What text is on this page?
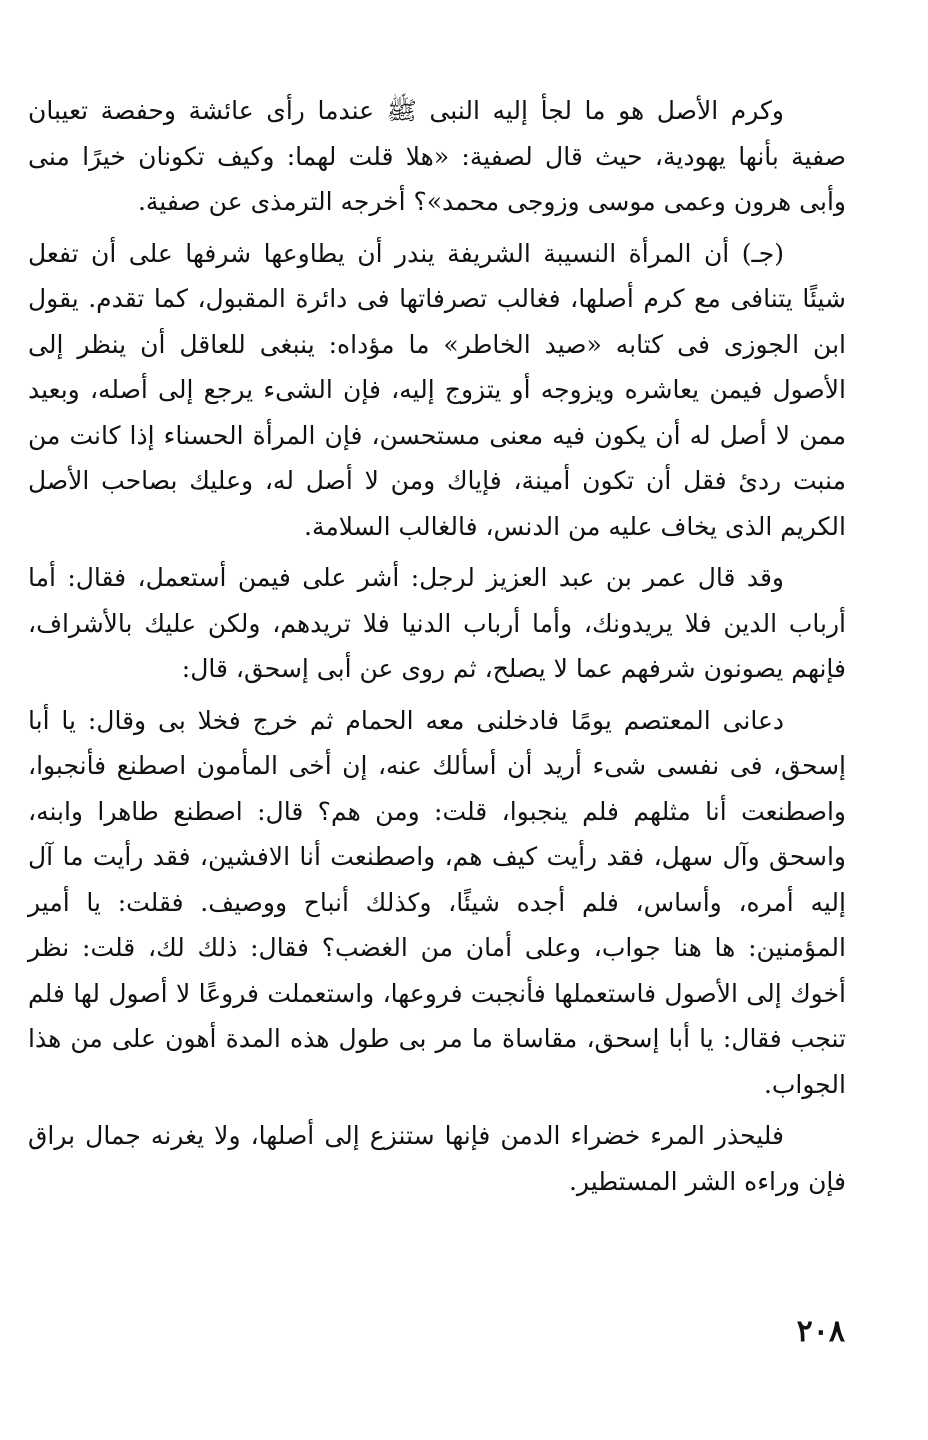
وكرم الأصل هو ما لجأ إليه النبى ﷺ عندما رأى عائشة وحفصة تعيبان صفية بأنها يهودية، حيث قال لصفية: «هلا قلت لهما: وكيف تكونان خيرًا منى وأبى هرون وعمى موسى وزوجى محمد»؟ أخرجه الترمذى عن صفية.

(جـ) أن المرأة النسيبة الشريفة يندر أن يطاوعها شرفها على أن تفعل شيئًا يتنافى مع كرم أصلها، فغالب تصرفاتها فى دائرة المقبول، كما تقدم. يقول ابن الجوزى فى كتابه «صيد الخاطر» ما مؤداه: ينبغى للعاقل أن ينظر إلى الأصول فيمن يعاشره ويزوجه أو يتزوج إليه، فإن الشىء يرجع إلى أصله، وبعيد ممن لا أصل له أن يكون فيه معنى مستحسن، فإن المرأة الحسناء إذا كانت من منبت ردئ فقل أن تكون أمينة، فإياك ومن لا أصل له، وعليك بصاحب الأصل الكريم الذى يخاف عليه من الدنس، فالغالب السلامة.

وقد قال عمر بن عبد العزيز لرجل: أشر على فيمن أستعمل، فقال: أما أرباب الدين فلا يريدونك، وأما أرباب الدنيا فلا تريدهم، ولكن عليك بالأشراف، فإنهم يصونون شرفهم عما لا يصلح، ثم روى عن أبى إسحق، قال:

دعانى المعتصم يومًا فادخلنى معه الحمام ثم خرج فخلا بى وقال: يا أبا إسحق، فى نفسى شىء أريد أن أسألك عنه، إن أخى المأمون اصطنع فأنجبوا، واصطنعت أنا مثلهم فلم ينجبوا، قلت: ومن هم؟ قال: اصطنع طاهرا وابنه، واسحق وآل سهل، فقد رأيت كيف هم، واصطنعت أنا الافشين، فقد رأيت ما آل إليه أمره، وأساس، فلم أجده شيئًا، وكذلك أنباح ووصيف. فقلت: يا أمير المؤمنين: ها هنا جواب، وعلى أمان من الغضب؟ فقال: ذلك لك، قلت: نظر أخوك إلى الأصول فاستعملها فأنجبت فروعها، واستعملت فروعًا لا أصول لها فلم تنجب فقال: يا أبا إسحق، مقاساة ما مر بى طول هذه المدة أهون على من هذا الجواب.

فليحذر المرء خضراء الدمن فإنها ستنزع إلى أصلها، ولا يغرنه جمال براق فإن وراءه الشر المستطير.

٢٠٨
